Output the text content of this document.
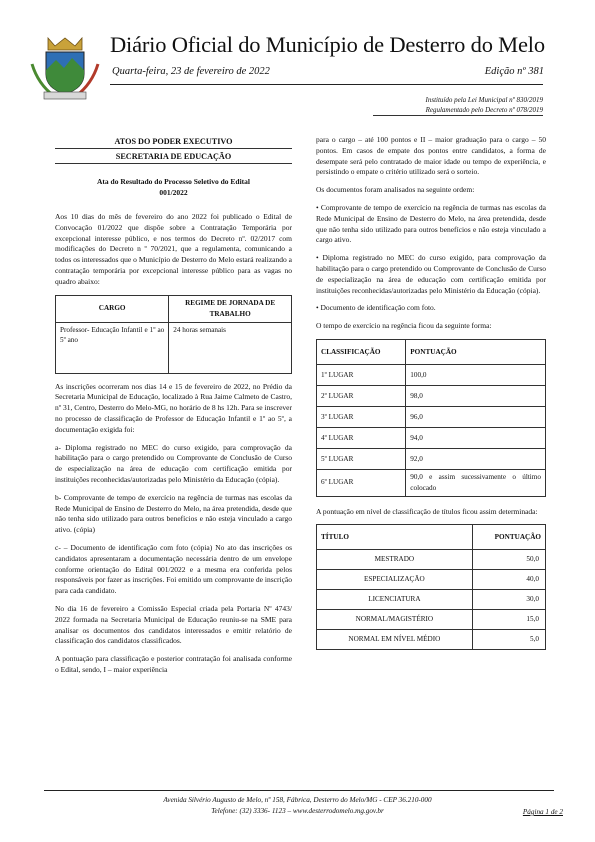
Diário Oficial do Município de Desterro do Melo
Quarta-feira, 23 de fevereiro de 2022	Edição nº 381
Instituído pela Lei Municipal nº 830/2019
Regulamentado pelo Decreto nº 078/2019
ATOS DO PODER EXECUTIVO
SECRETARIA DE EDUCAÇÃO
Ata do Resultado do Processo Seletivo do Edital
001/2022

Aos 10 dias do mês de fevereiro do ano 2022 foi publicado o Edital de Convocação 01/2022 que dispõe sobre a Contratação Temporária por excepcional interesse público, e nos termos do Decreto nº. 02/2017 com modificações do Decreto n º 70/2021, que a regulamenta, comunicando a todos os interessados que o Município de Desterro do Melo estará realizando a contratação temporária por excepcional interesse público para as vagas no quadro abaixo:

CARGO	REGIME DE JORNADA DE TRABALHO
Professor- Educação Infantil e 1º ao 5º ano	24 horas semanais

As inscrições ocorreram nos dias 14 e 15 de fevereiro de 2022, no Prédio da Secretaria Municipal de Educação, localizado à Rua Jaime Calmeto de Castro, nº 31, Centro, Desterro do Melo-MG, no horário de 8 hs 12h. Para se inscrever no processo de classificação de Professor de Educação Infantil e 1º ao 5º, a documentação exigida foi:

a- Diploma registrado no MEC do curso exigido, para comprovação da habilitação para o cargo pretendido ou Comprovante de Conclusão de Curso de especialização na área de educação com certificação emitida por instituições reconhecidas/autorizadas pelo Ministério da Educação (cópia).

b- Comprovante de tempo de exercício na regência de turmas nas escolas da Rede Municipal de Ensino de Desterro do Melo, na área pretendida, desde que não tenha sido utilizado para outros benefícios e não esteja vinculado a cargo ativo. (cópia)

c- – Documento de identificação com foto (cópia) No ato das inscrições os candidatos apresentaram a documentação necessária dentro de um envelope conforme orientação do Edital 001/2022 e a mesma era conferida pelos responsáveis por fazer as inscrições. Foi emitido um comprovante de inscrição para cada candidato.

No dia 16 de fevereiro a Comissão Especial criada pela Portaria Nº 4743/ 2022 formada na Secretaria Municipal de Educação reuniu-se na SME para analisar os documentos dos candidatos interessados e emitir relatório de classificação dos candidatos classificados.

A pontuação para classificação e posterior contratação foi analisada conforme o Edital, sendo, I – maior experiência

para o cargo – até 100 pontos e II – maior graduação para o cargo – 50 pontos. Em casos de empate dos pontos entre candidatos, a forma de desempate será pelo contratado de maior idade ou tempo de experiência, e persistindo o empate o critério utilizado será o sorteio.

Os documentos foram analisados na seguinte ordem:

• Comprovante de tempo de exercício na regência de turmas nas escolas da Rede Municipal de Ensino de Desterro do Melo, na área pretendida, desde que não tenha sido utilizado para outros benefícios e não esteja vinculado a cargo ativo.

• Diploma registrado no MEC do curso exigido, para comprovação da habilitação para o cargo pretendido ou Comprovante de Conclusão de Curso de especialização na área de educação com certificação emitida por instituições reconhecidas/autorizadas pelo Ministério da Educação (cópia).

• Documento de identificação com foto.

O tempo de exercício na regência ficou da seguinte forma:

CLASSIFICAÇÃO	PONTUAÇÃO
1º LUGAR	100,0
2º LUGAR	98,0
3º LUGAR	96,0
4º LUGAR	94,0
5º LUGAR	92,0
6º LUGAR	90,0 e assim sucessivamente o último colocado

A pontuação em nível de classificação de títulos ficou assim determinada:

TÍTULO	PONTUAÇÃO
MESTRADO	50,0
ESPECIALIZAÇÃO	40,0
LICENCIATURA	30,0
NORMAL/MAGISTÉRIO	15,0
NORMAL EM NÍVEL MÉDIO	5,0
Avenida Silvério Augusto de Melo, nº 158, Fábrica, Desterro do Melo/MG - CEP 36.210-000
Telefone: (32) 3336- 1123 – www.desterrodomelo.mg.gov.br	Página 1 de 2
